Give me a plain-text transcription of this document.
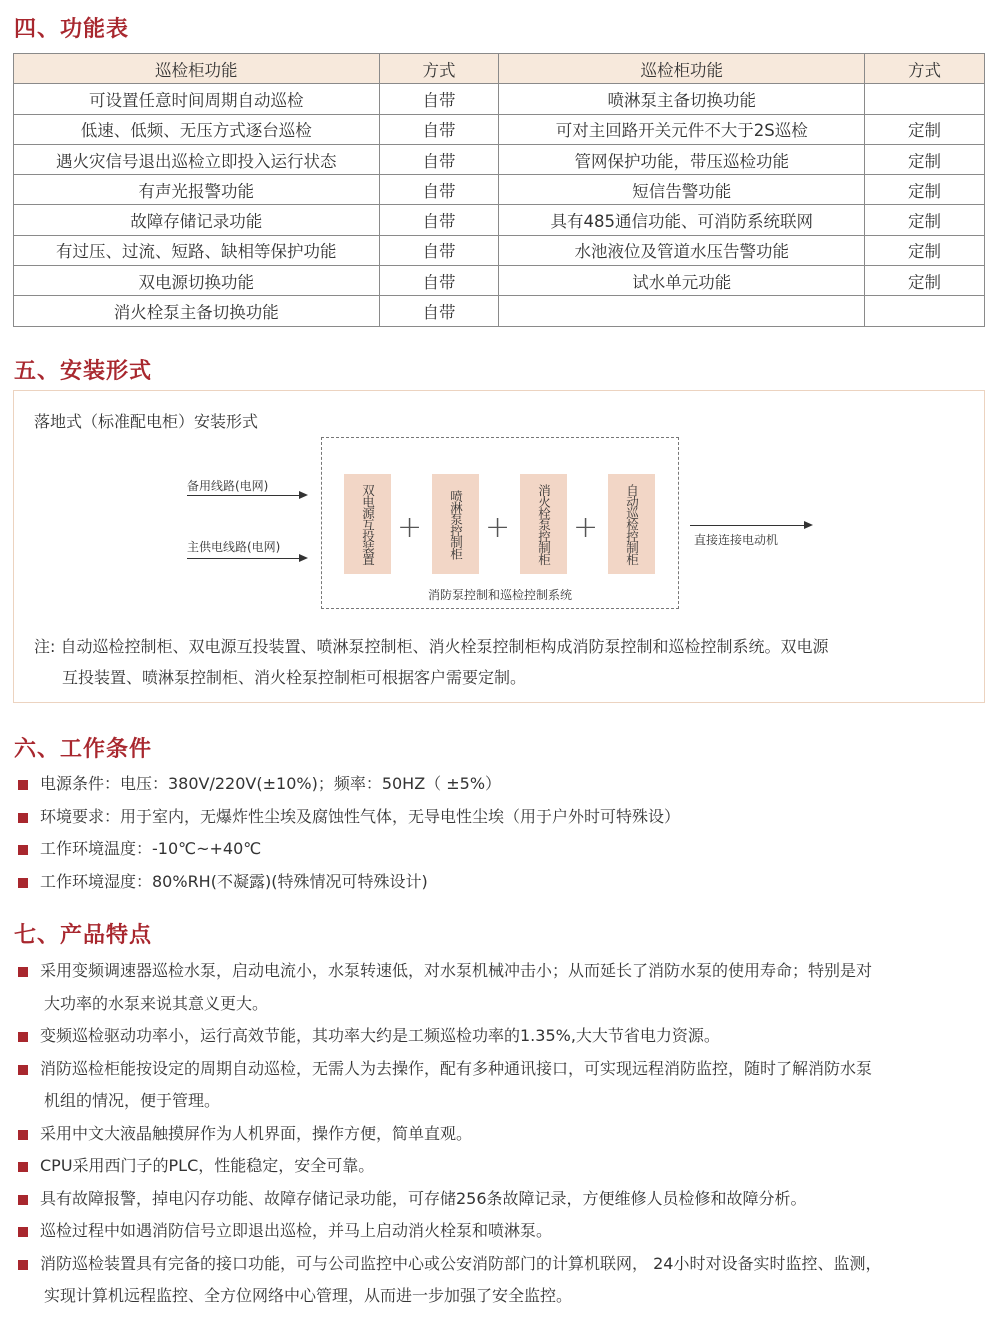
四、功能表
巡检柜功能	方式	巡检柜功能	方式
可设置任意时间周期自动巡检	自带	喷淋泵主备切换功能	
低速、低频、无压方式逐台巡检	自带	可对主回路开关元件不大于2S巡检	定制
遇火灾信号退出巡检立即投入运行状态	自带	管网保护功能，带压巡检功能	定制
有声光报警功能	自带	短信告警功能	定制
故障存储记录功能	自带	具有485通信功能、可消防系统联网	定制
有过压、过流、短路、缺相等保护功能	自带	水池液位及管道水压告警功能	定制
双电源切换功能	自带	试水单元功能	定制
消火栓泵主备切换功能	自带		
五、安装形式
落地式（标准配电柜）安装形式
备用线路(电网)
主供电线路(电网)	双电源互投装置 +	喷淋泵控制柜 +	消火栓泵控制柜 +	自动巡检控制柜
消防泵控制和巡检控制系统
直接连接电动机
注: 自动巡检控制柜、双电源互投装置、喷淋泵控制柜、消火栓泵控制柜构成消防泵控制和巡检控制系统。双电源
互投装置、喷淋泵控制柜、消火栓泵控制柜可根据客户需要定制。
六、工作条件
电源条件：电压：380V/220V(±10%)；频率：50HZ（ ±5%）
环境要求：用于室内，无爆炸性尘埃及腐蚀性气体，无导电性尘埃（用于户外时可特殊设）
工作环境温度：-10℃~+40℃
工作环境湿度：80%RH(不凝露)(特殊情况可特殊设计)
七、产品特点
采用变频调速器巡检水泵，启动电流小，水泵转速低，对水泵机械冲击小；从而延长了消防水泵的使用寿命；特别是对
大功率的水泵来说其意义更大。
变频巡检驱动功率小，运行高效节能，其功率大约是工频巡检功率的1.35%,大大节省电力资源。
消防巡检柜能按设定的周期自动巡检，无需人为去操作，配有多种通讯接口，可实现远程消防监控，随时了解消防水泵
机组的情况，便于管理。
采用中文大液晶触摸屏作为人机界面，操作方便，简单直观。
CPU采用西门子的PLC，性能稳定，安全可靠。
具有故障报警，掉电闪存功能、故障存储记录功能，可存储256条故障记录，方便维修人员检修和故障分析。
巡检过程中如遇消防信号立即退出巡检，并马上启动消火栓泵和喷淋泵。
消防巡检装置具有完备的接口功能，可与公司监控中心或公安消防部门的计算机联网， 24小时对设备实时监控、监测，
实现计算机远程监控、全方位网络中心管理，从而进一步加强了安全监控。
